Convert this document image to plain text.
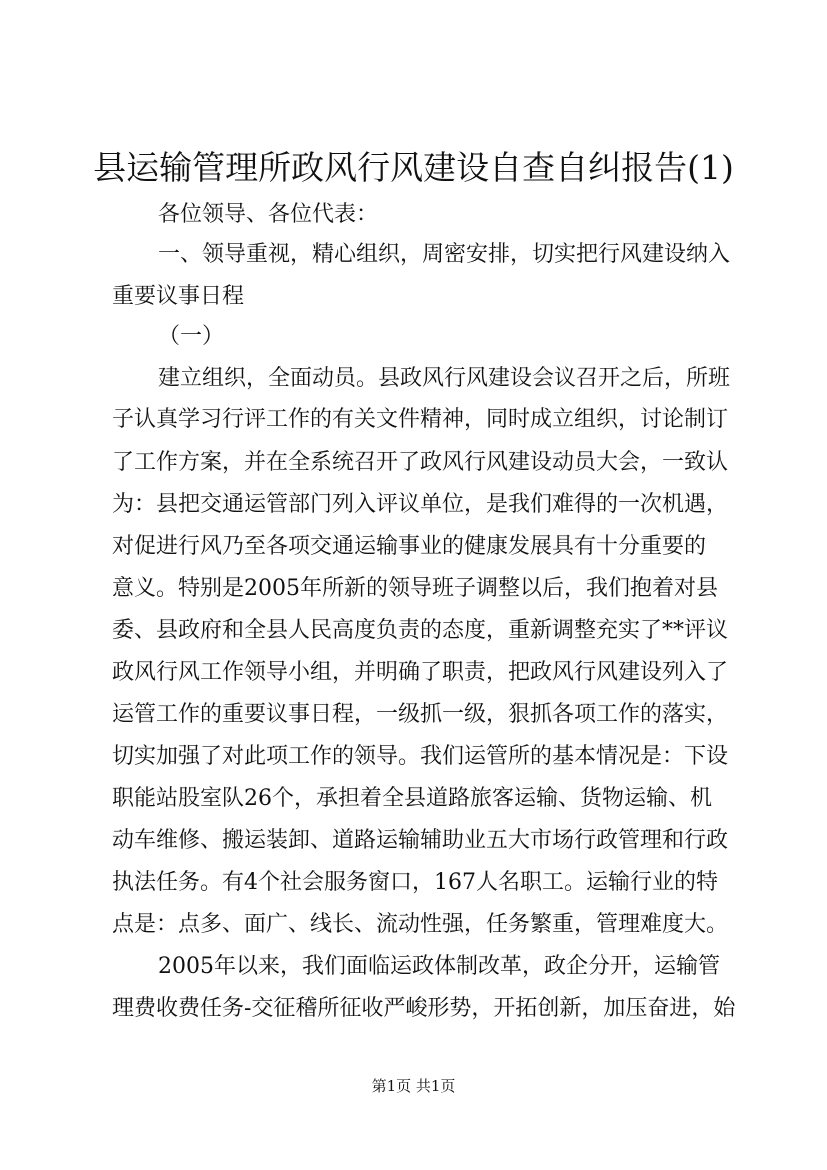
县运输管理所政风行风建设自查自纠报告(1)
各位领导、各位代表：
一、领导重视，精心组织，周密安排，切实把行风建设纳入
重要议事日程
（一）
建立组织，全面动员。县政风行风建设会议召开之后，所班
子认真学习行评工作的有关文件精神，同时成立组织，讨论制订
了工作方案，并在全系统召开了政风行风建设动员大会，一致认
为：县把交通运管部门列入评议单位，是我们难得的一次机遇，
对促进行风乃至各项交通运输事业的健康发展具有十分重要的
意义。特别是2005年所新的领导班子调整以后，我们抱着对县
委、县政府和全县人民高度负责的态度，重新调整充实了**评议
政风行风工作领导小组，并明确了职责，把政风行风建设列入了
运管工作的重要议事日程，一级抓一级，狠抓各项工作的落实，
切实加强了对此项工作的领导。我们运管所的基本情况是：下设
职能站股室队26个，承担着全县道路旅客运输、货物运输、机
动车维修、搬运装卸、道路运输辅助业五大市场行政管理和行政
执法任务。有4个社会服务窗口，167人名职工。运输行业的特
点是：点多、面广、线长、流动性强，任务繁重，管理难度大。
2005年以来，我们面临运政体制改革，政企分开，运输管
理费收费任务-交征稽所征收严峻形势，开拓创新，加压奋进，始
第1页 共1页
